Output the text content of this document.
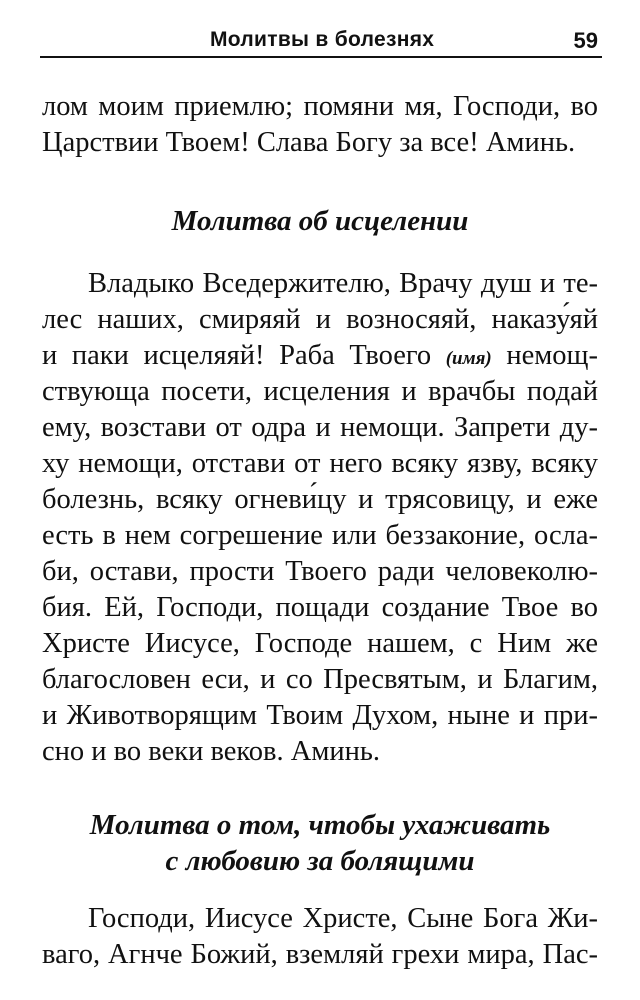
Молитвы в болезнях	59
лом моим приемлю; помяни мя, Господи, во
Царствии Твоем! Слава Богу за все! Аминь.
Молитва об исцелении
Владыко Вседержителю, Врачу душ и те-
лес наших, смиряяй и возносяяй, наказу́яй
и паки исцеляяй! Раба Твоего (имя) немощ-
ствующа посети, исцеления и врачбы подай
ему, возстави от одра и немощи. Запрети ду-
ху немощи, отстави от него всяку язву, всяку
болезнь, всяку огневи́цу и трясовицу, и еже
есть в нем согрешение или беззаконие, осла-
би, остави, прости Твоего ради человеколю-
бия. Ей, Господи, пощади создание Твое во
Христе Иисусе, Господе нашем, с Ним же
благословен еси, и со Пресвятым, и Благим,
и Животворящим Твоим Духом, ныне и при-
сно и во веки веков. Аминь.
Молитва о том, чтобы ухаживать
с любовию за болящими
Господи, Иисусе Христе, Сыне Бога Жи-
ваго, Агнче Божий, вземляй грехи мира, Пас-
